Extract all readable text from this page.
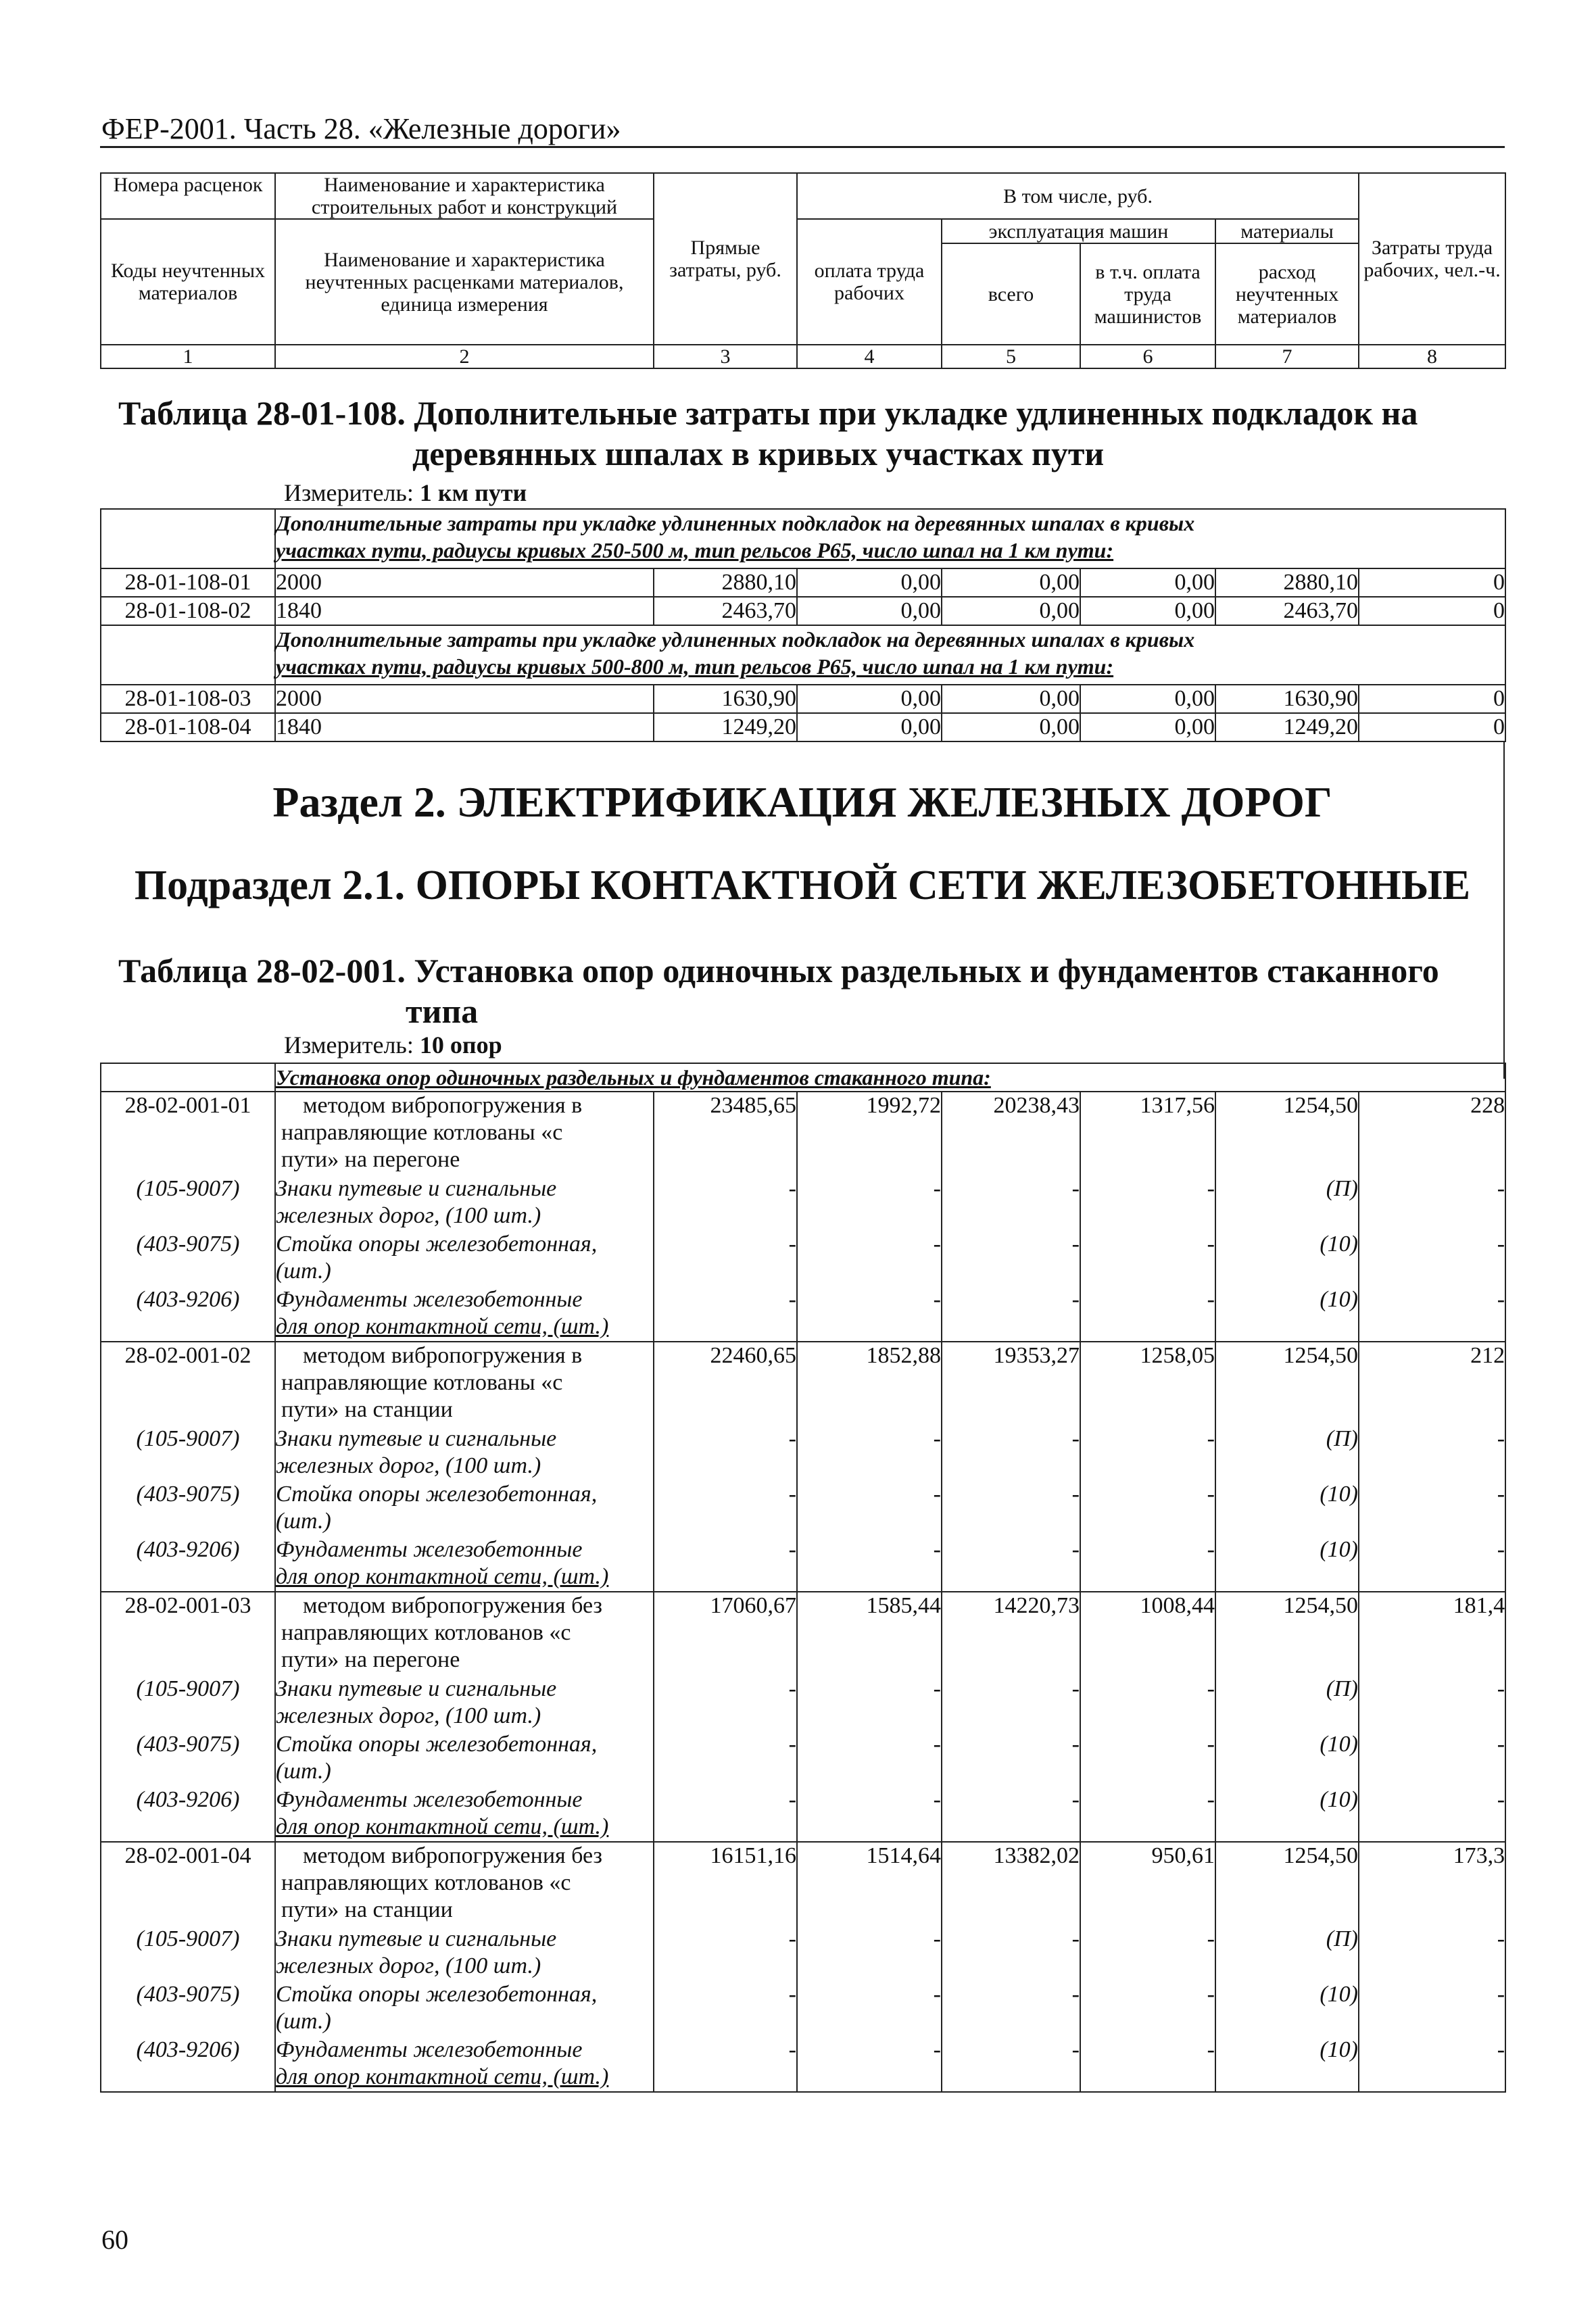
ФЕР-2001. Часть 28. «Железные дороги»
Номера расценок	Наименование и характеристика строительных работ и конструкций	Прямые затраты, руб.	В том числе, руб.				Затраты труда рабочих, чел.-ч.
Коды неучтенных материалов	Наименование и характеристика неучтенных расценками материалов, единица измерения		оплата труда рабочих	эксплуатация машин		материалы	
				всего	в т.ч. оплата труда машинистов	расход неучтенных материалов	
1	2	3	4	5	6	7	8
Таблица 28-01-108. Дополнительные затраты при укладке удлиненных подкладок на
деревянных шпалах в кривых участках пути
Измеритель: 1 км пути

	Дополнительные затраты при укладке удлиненных подкладок на деревянных шпалах в кривых
участках пути, радиусы кривых 250-500 м, тип рельсов Р65, число шпал на 1 км пути:						

28-01-108-01	2000	2880,10	0,00	0,00	0,00	2880,10	0
28-01-108-02	1840	2463,70	0,00	0,00	0,00	2463,70	0

	Дополнительные затраты при укладке удлиненных подкладок на деревянных шпалах в кривых
участках пути, радиусы кривых 500-800 м, тип рельсов Р65, число шпал на 1 км пути:						

28-01-108-03	2000	1630,90	0,00	0,00	0,00	1630,90	0
28-01-108-04	1840	1249,20	0,00	0,00	0,00	1249,20	0
Раздел 2. ЭЛЕКТРИФИКАЦИЯ ЖЕЛЕЗНЫХ ДОРОГ
Подраздел 2.1. ОПОРЫ КОНТАКТНОЙ СЕТИ ЖЕЛЕЗОБЕТОННЫЕ
Таблица 28-02-001. Установка опор одиночных раздельных и фундаментов стаканного
типа
Измеритель: 10 опор
	Установка опор одиночных раздельных и фундаментов стаканного типа:						
28-02-001-01	методом вибропогружения в
направляющие котлованы «с
пути» на перегоне	23485,65	1992,72	20238,43	1317,56	1254,50	228
(105-9007)	Знаки путевые и сигнальные
железных дорог, (100 шт.)	-	-	-	-	(П)	-
(403-9075)	Стойка опоры железобетонная,
(шт.)	-	-	-	-	(10)	-
(403-9206)	Фундаменты железобетонные
для опор контактной сети, (шт.)	-	-	-	-	(10)	-
28-02-001-02	методом вибропогружения в
направляющие котлованы «с
пути» на станции	22460,65	1852,88	19353,27	1258,05	1254,50	212
(105-9007)	Знаки путевые и сигнальные
железных дорог, (100 шт.)	-	-	-	-	(П)	-
(403-9075)	Стойка опоры железобетонная,
(шт.)	-	-	-	-	(10)	-
(403-9206)	Фундаменты железобетонные
для опор контактной сети, (шт.)	-	-	-	-	(10)	-
28-02-001-03	методом вибропогружения без
направляющих котлованов «с
пути» на перегоне	17060,67	1585,44	14220,73	1008,44	1254,50	181,4
(105-9007)	Знаки путевые и сигнальные
железных дорог, (100 шт.)	-	-	-	-	(П)	-
(403-9075)	Стойка опоры железобетонная,
(шт.)	-	-	-	-	(10)	-
(403-9206)	Фундаменты железобетонные
для опор контактной сети, (шт.)	-	-	-	-	(10)	-
28-02-001-04	методом вибропогружения без
направляющих котлованов «с
пути» на станции	16151,16	1514,64	13382,02	950,61	1254,50	173,3
(105-9007)	Знаки путевые и сигнальные
железных дорог, (100 шт.)	-	-	-	-	(П)	-
(403-9075)	Стойка опоры железобетонная,
(шт.)	-	-	-	-	(10)	-
(403-9206)	Фундаменты железобетонные
для опор контактной сети, (шт.)	-	-	-	-	(10)	-
60
